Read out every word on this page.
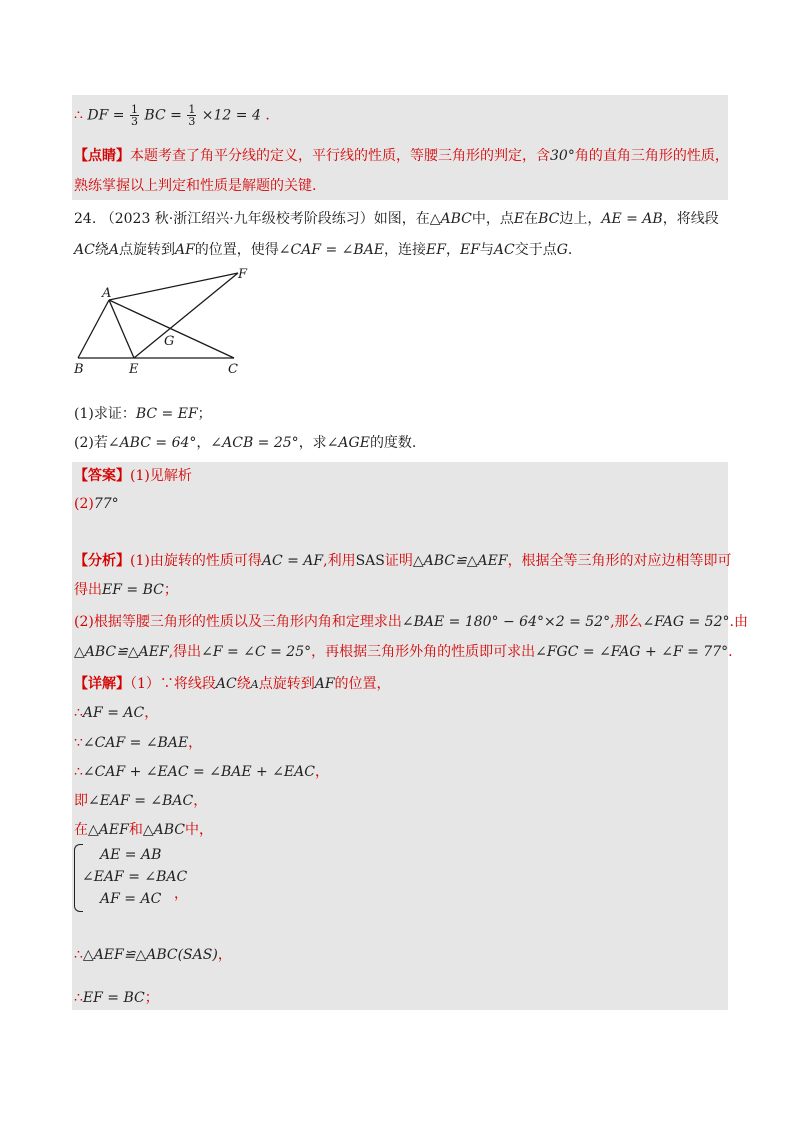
∴ DF = $\frac{1}{3}$ BC = $\frac{1}{3} \times 12 = 4$ .
【点睛】本题考查了角平分线的定义，平行线的性质，等腰三角形的判定，含30°角的直角三角形的性质，
熟练掌握以上判定和性质是解题的关键.
24. （2023 秋·浙江绍兴·九年级校考阶段练习）如图，在△ABC中，点E在BC边上，AE = AB，将线段
AC绕A点旋转到AF的位置，使得∠CAF = ∠BAE，连接EF，EF与AC交于点G.
A
B	E	C
F
G
(1)求证：BC = EF；
(2)若∠ABC = 64°，∠ACB = 25°，求∠AGE的度数.
【答案】(1)见解析
(2)77°
【分析】(1)由旋转的性质可得AC = AF,利用SAS证明△ABC≌△AEF，根据全等三角形的对应边相等即可
得出EF = BC；
(2)根据等腰三角形的性质以及三角形内角和定理求出∠BAE = 180° − 64°×2 = 52°,那么∠FAG = 52°.由
△ABC≌△AEF,得出∠F = ∠C = 25°，再根据三角形外角的性质即可求出∠FGC = ∠FAG + ∠F = 77°.
【详解】（1）∵将线段AC绕A点旋转到AF的位置，
∴AF = AC，
∵∠CAF = ∠BAE，
∴∠CAF + ∠EAC = ∠BAE + ∠EAC，
即∠EAF = ∠BAC，
在△AEF和△ABC中，
AE = AB
∠EAF = ∠BAC
AF = AC ，
∴△AEF≌△ABC(SAS)，
∴EF = BC；
